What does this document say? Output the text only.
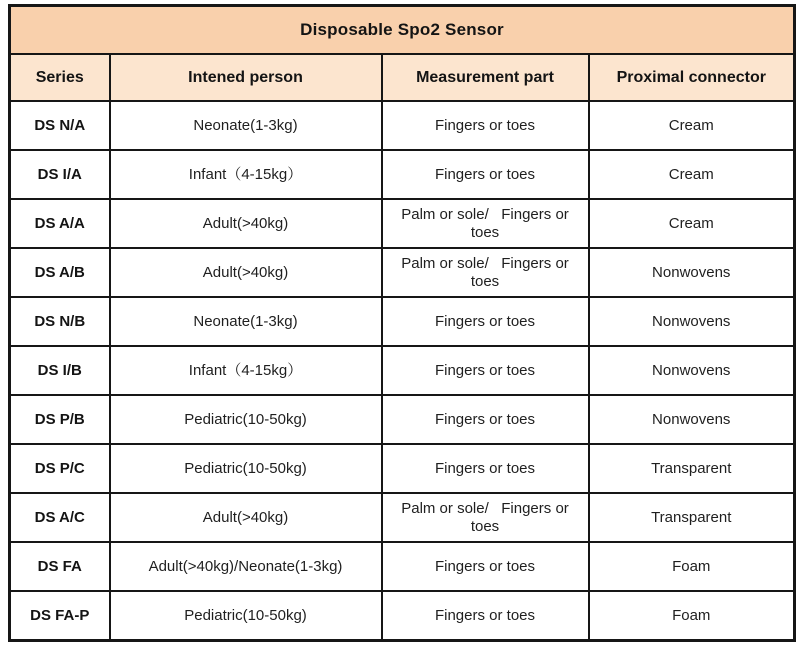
Disposable Spo2 Sensor			
Series	Intened person	Measurement part	Proximal connector
DS N/A	Neonate(1-3kg)	Fingers or toes	Cream
DS I/A	Infant（4-15kg）	Fingers or toes	Cream
DS A/A	Adult(>40kg)	Palm or sole/   Fingers or toes	Cream
DS A/B	Adult(>40kg)	Palm or sole/   Fingers or toes	Nonwovens
DS N/B	Neonate(1-3kg)	Fingers or toes	Nonwovens
DS I/B	Infant（4-15kg）	Fingers or toes	Nonwovens
DS P/B	Pediatric(10-50kg)	Fingers or toes	Nonwovens
DS P/C	Pediatric(10-50kg)	Fingers or toes	Transparent
DS A/C	Adult(>40kg)	Palm or sole/   Fingers or toes	Transparent
DS FA	Adult(>40kg)/Neonate(1-3kg)	Fingers or toes	Foam
DS FA-P	Pediatric(10-50kg)	Fingers or toes	Foam
